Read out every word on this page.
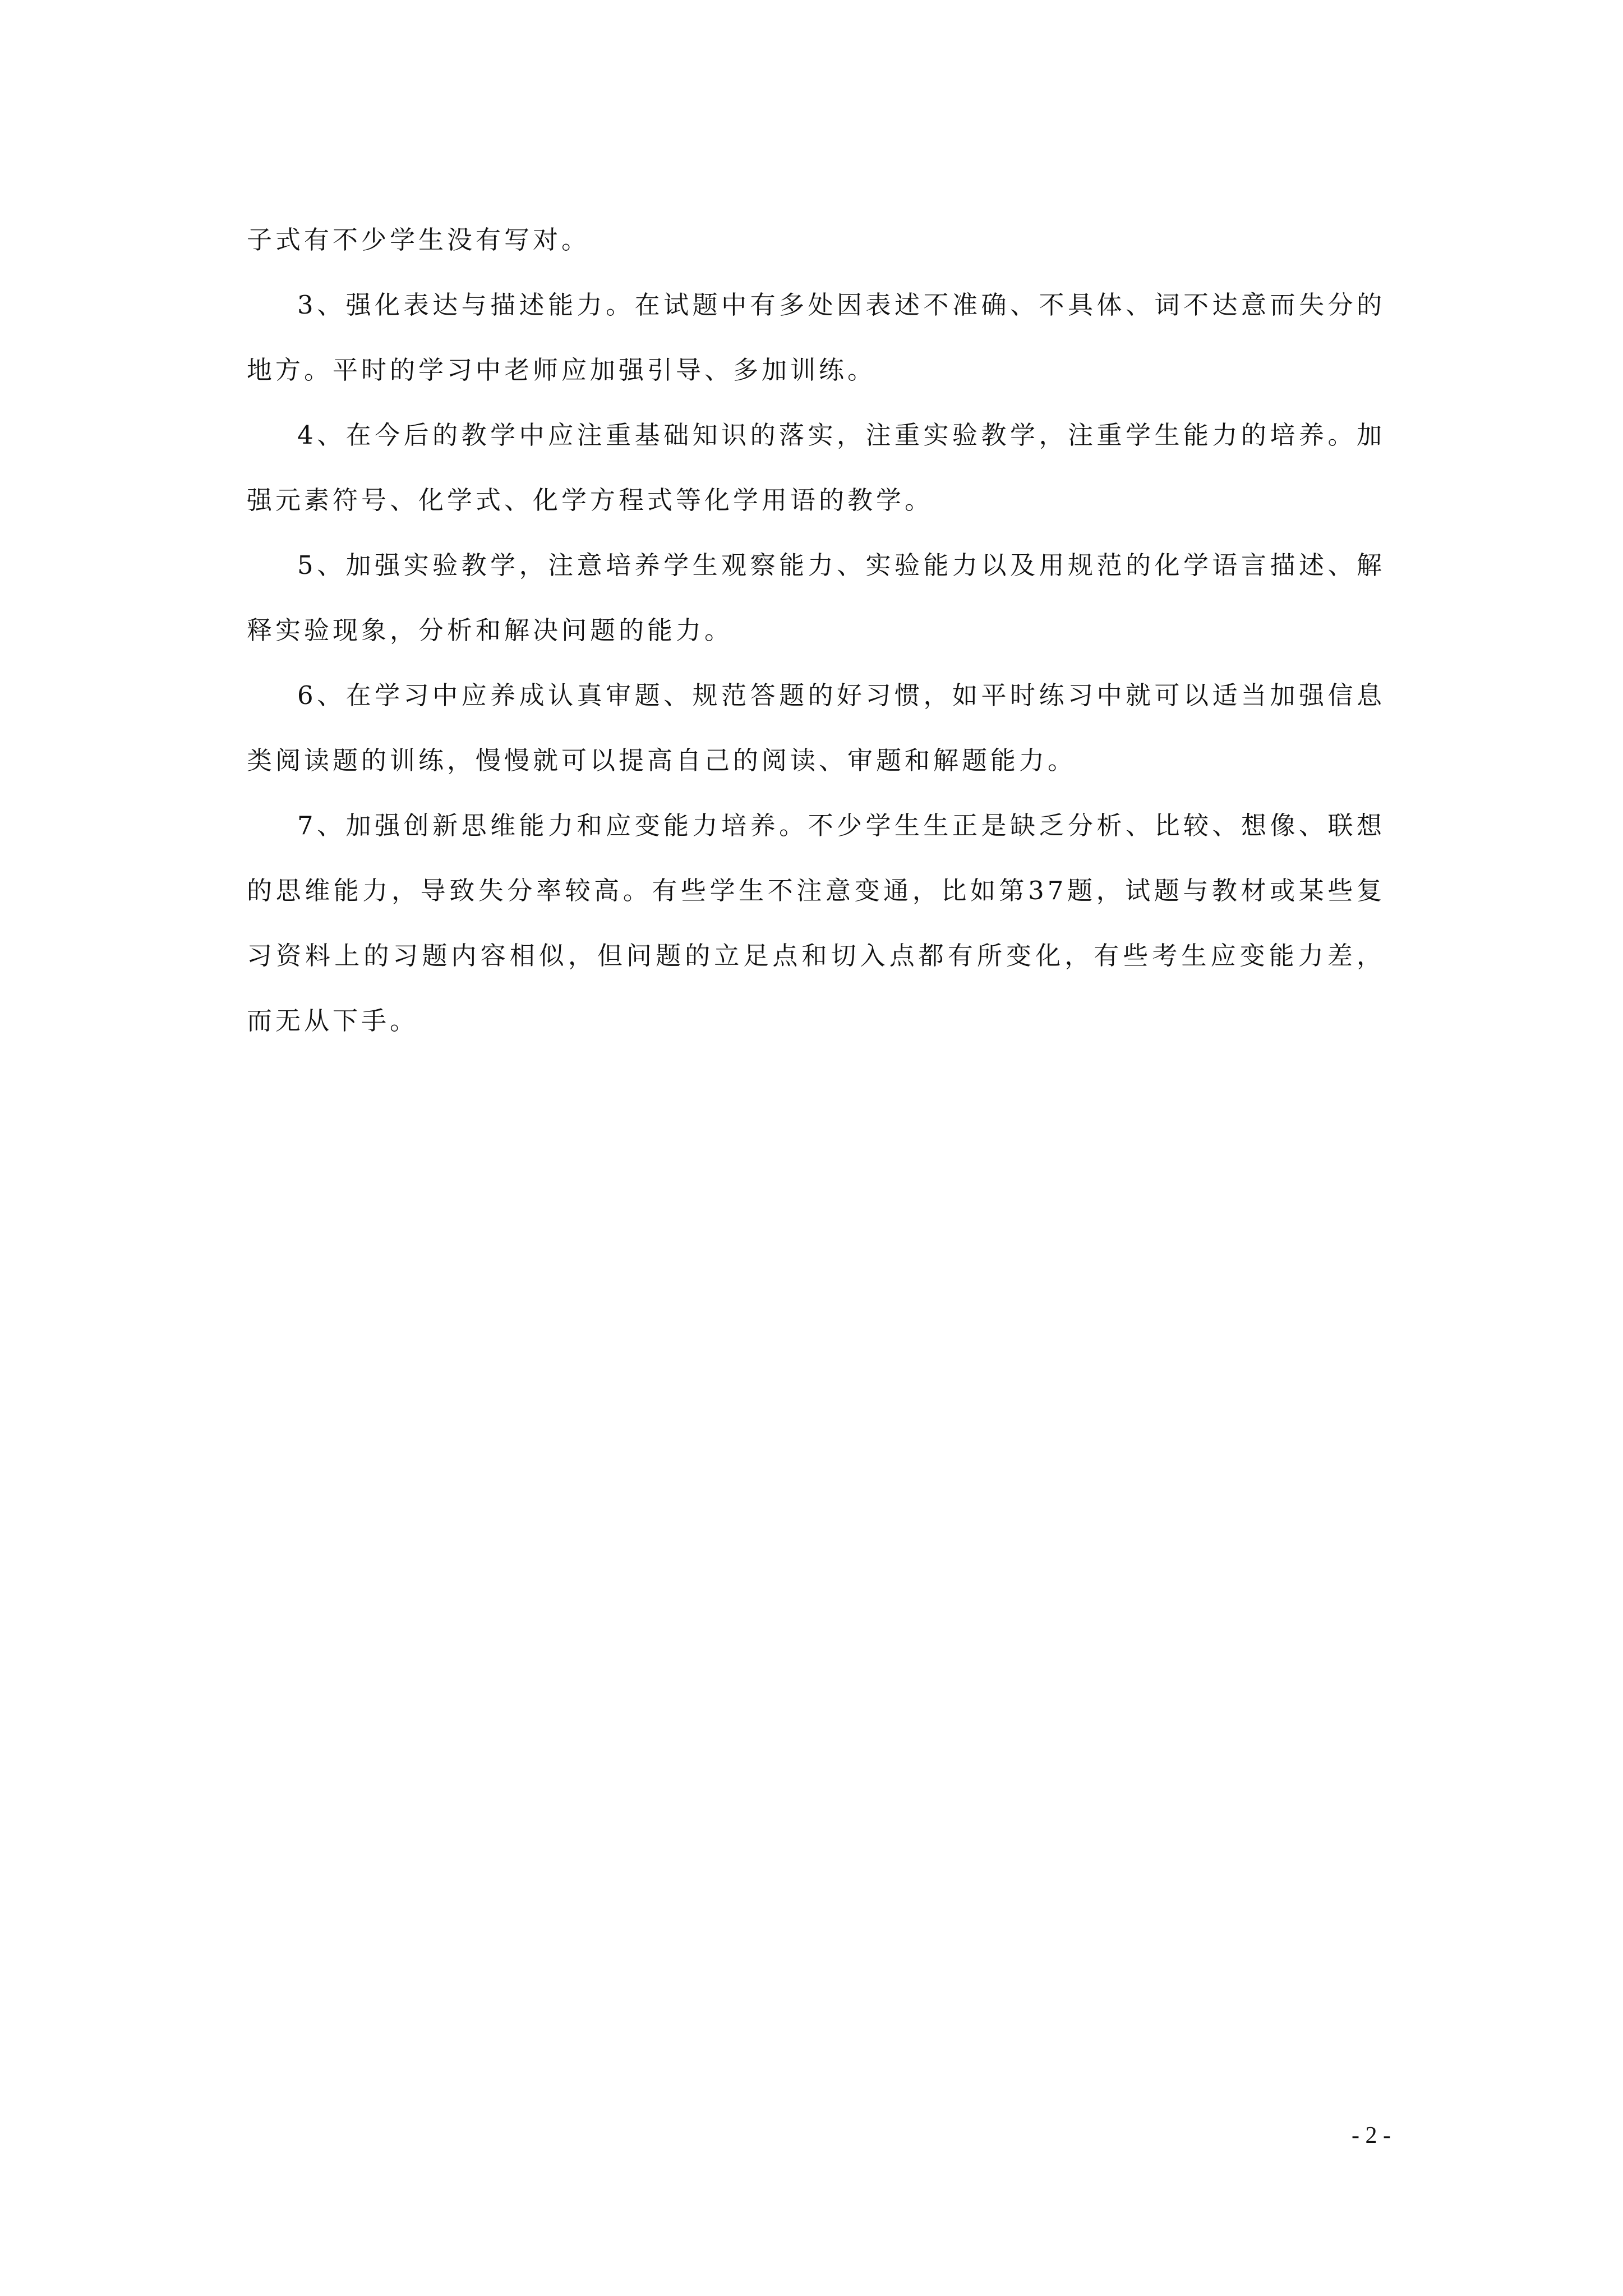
子式有不少学生没有写对。

3、强化表达与描述能力。在试题中有多处因表述不准确、不具体、词不达意而失分的地方。平时的学习中老师应加强引导、多加训练。

4、在今后的教学中应注重基础知识的落实，注重实验教学，注重学生能力的培养。加强元素符号、化学式、化学方程式等化学用语的教学。

5、加强实验教学，注意培养学生观察能力、实验能力以及用规范的化学语言描述、解释实验现象，分析和解决问题的能力。

6、在学习中应养成认真审题、规范答题的好习惯，如平时练习中就可以适当加强信息类阅读题的训练，慢慢就可以提高自己的阅读、审题和解题能力。

7、加强创新思维能力和应变能力培养。不少学生生正是缺乏分析、比较、想像、联想的思维能力，导致失分率较高。有些学生不注意变通，比如第37题，试题与教材或某些复习资料上的习题内容相似，但问题的立足点和切入点都有所变化，有些考生应变能力差，而无从下手。

- 2 -
